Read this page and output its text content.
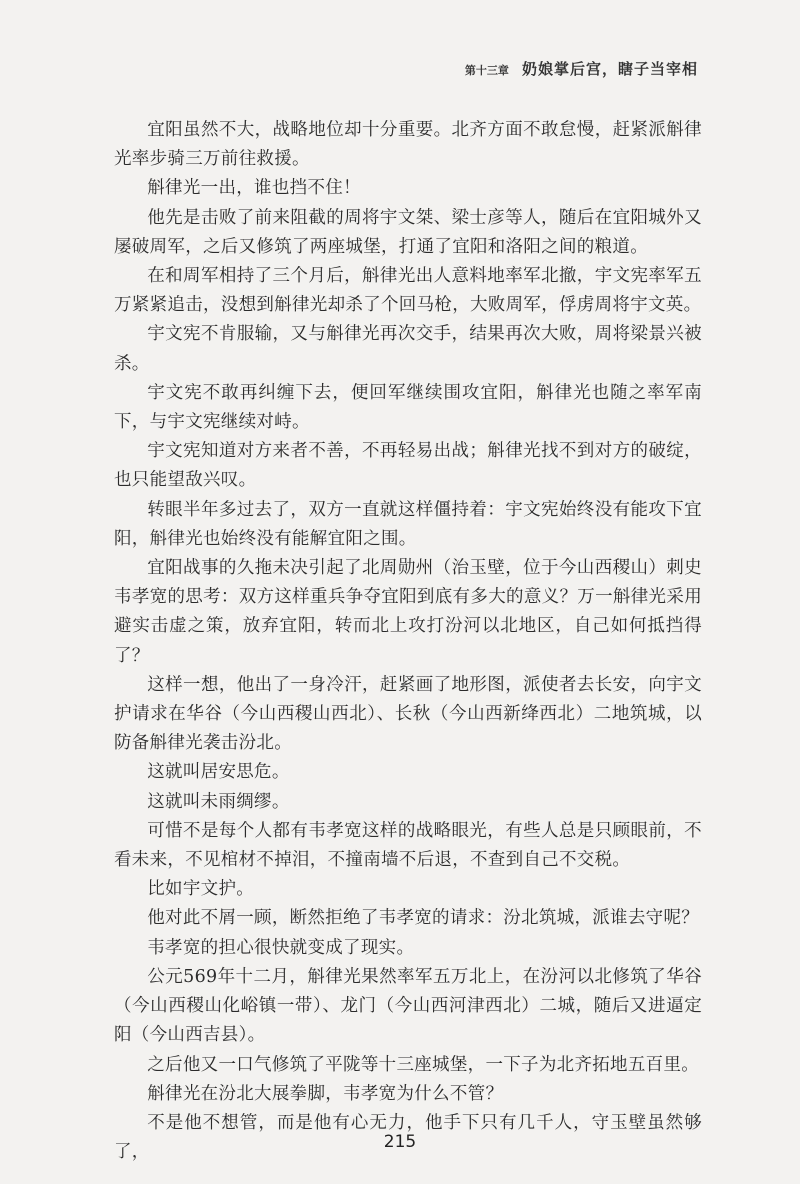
第十三章 奶娘掌后宫，瞎子当宰相

宜阳虽然不大，战略地位却十分重要。北齐方面不敢怠慢，赶紧派斛律光率步骑三万前往救援。

斛律光一出，谁也挡不住！

他先是击败了前来阻截的周将宇文桀、梁士彦等人，随后在宜阳城外又屡破周军，之后又修筑了两座城堡，打通了宜阳和洛阳之间的粮道。

在和周军相持了三个月后，斛律光出人意料地率军北撤，宇文宪率军五万紧紧追击，没想到斛律光却杀了个回马枪，大败周军，俘虏周将宇文英。

宇文宪不肯服输，又与斛律光再次交手，结果再次大败，周将梁景兴被杀。

宇文宪不敢再纠缠下去，便回军继续围攻宜阳，斛律光也随之率军南下，与宇文宪继续对峙。

宇文宪知道对方来者不善，不再轻易出战；斛律光找不到对方的破绽，也只能望敌兴叹。

转眼半年多过去了，双方一直就这样僵持着：宇文宪始终没有能攻下宜阳，斛律光也始终没有能解宜阳之围。

宜阳战事的久拖未决引起了北周勋州（治玉壁，位于今山西稷山）刺史韦孝宽的思考：双方这样重兵争夺宜阳到底有多大的意义？万一斛律光采用避实击虚之策，放弃宜阳，转而北上攻打汾河以北地区，自己如何抵挡得了？

这样一想，他出了一身冷汗，赶紧画了地形图，派使者去长安，向宇文护请求在华谷（今山西稷山西北）、长秋（今山西新绛西北）二地筑城，以防备斛律光袭击汾北。

这就叫居安思危。

这就叫未雨绸缪。

可惜不是每个人都有韦孝宽这样的战略眼光，有些人总是只顾眼前，不看未来，不见棺材不掉泪，不撞南墙不后退，不查到自己不交税。

比如宇文护。

他对此不屑一顾，断然拒绝了韦孝宽的请求：汾北筑城，派谁去守呢？

韦孝宽的担心很快就变成了现实。

公元569年十二月，斛律光果然率军五万北上，在汾河以北修筑了华谷（今山西稷山化峪镇一带）、龙门（今山西河津西北）二城，随后又进逼定阳（今山西吉县）。

之后他又一口气修筑了平陇等十三座城堡，一下子为北齐拓地五百里。

斛律光在汾北大展拳脚，韦孝宽为什么不管？

不是他不想管，而是他有心无力，他手下只有几千人，守玉壁虽然够了，

215
